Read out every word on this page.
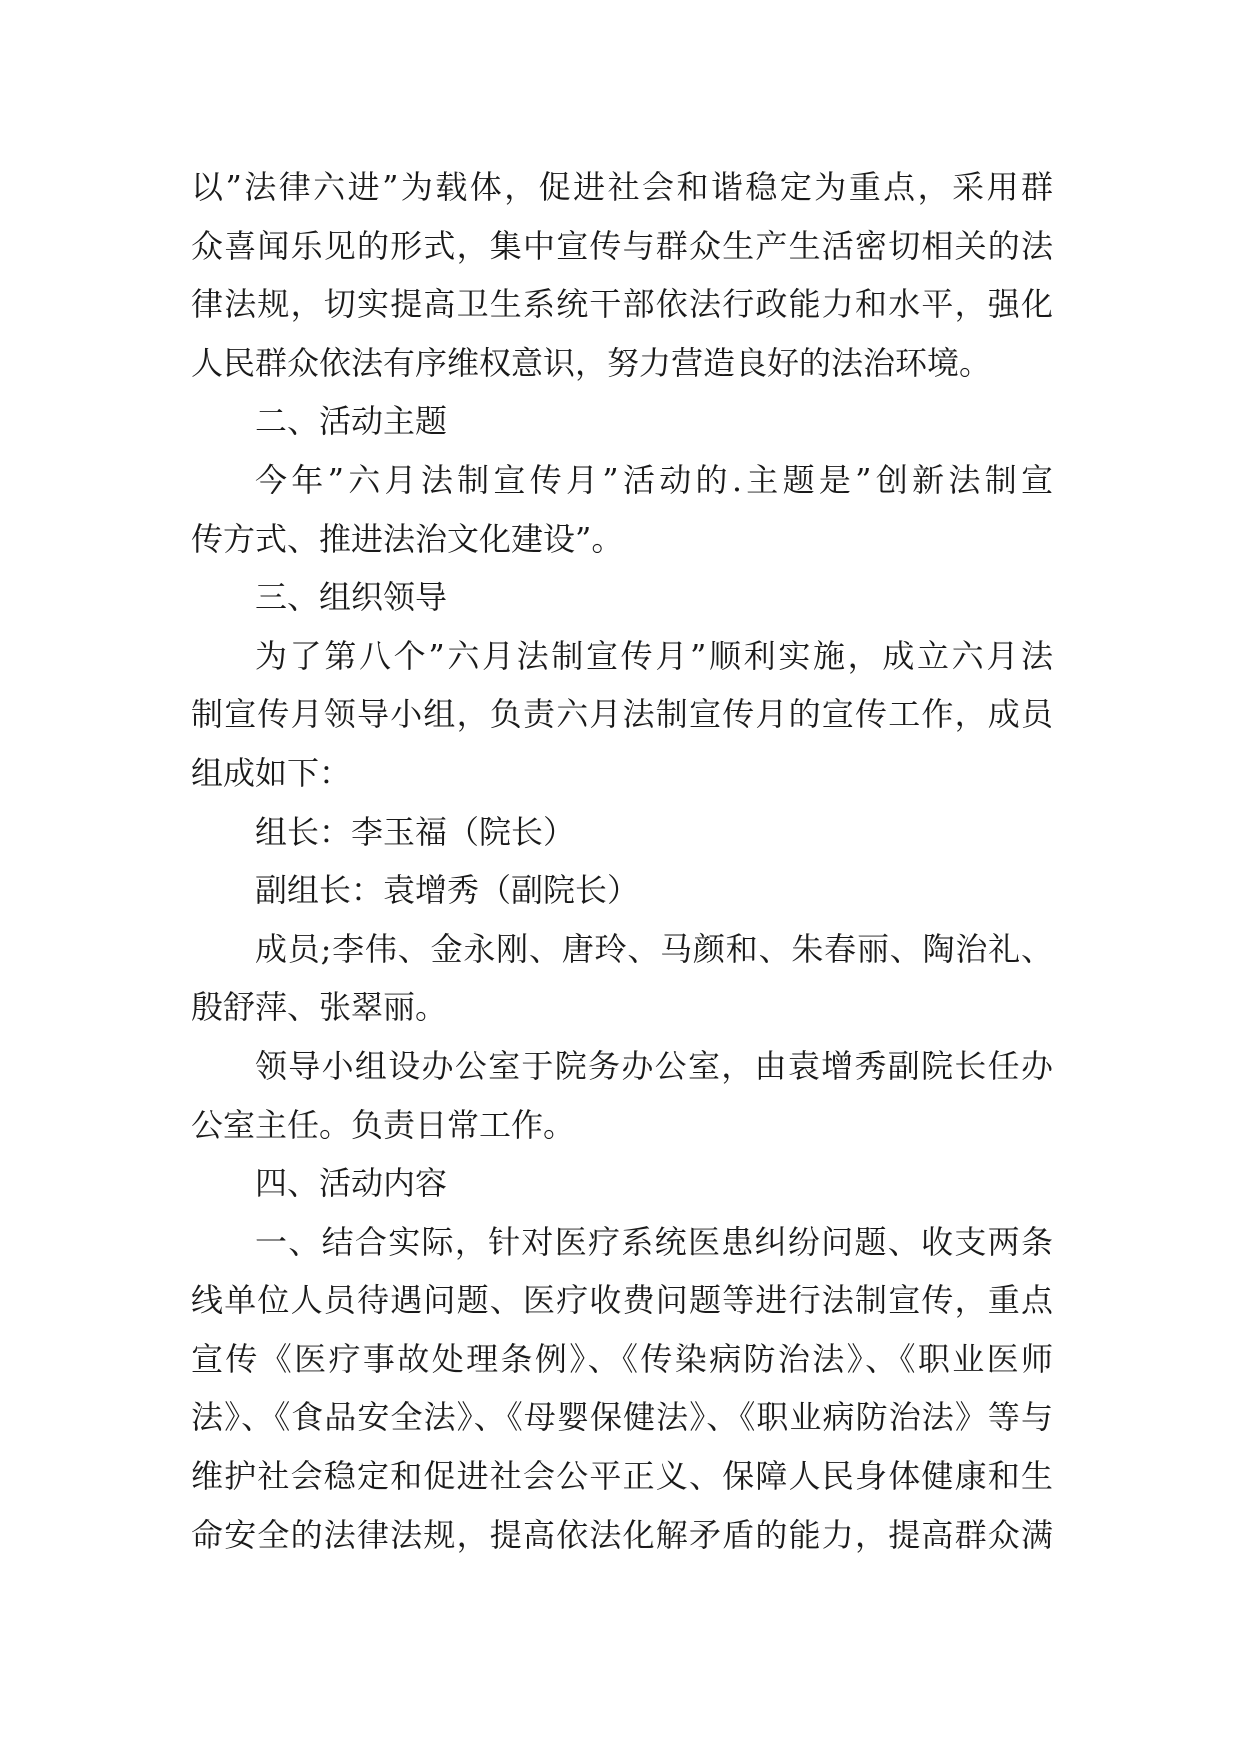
以”法律六进”为载体，促进社会和谐稳定为重点，采用群
众喜闻乐见的形式，集中宣传与群众生产生活密切相关的法
律法规，切实提高卫生系统干部依法行政能力和水平，强化
人民群众依法有序维权意识，努力营造良好的法治环境。
二、活动主题
今年”六月法制宣传月”活动的.主题是”创新法制宣
传方式、推进法治文化建设”。
三、组织领导
为了第八个”六月法制宣传月”顺利实施，成立六月法
制宣传月领导小组，负责六月法制宣传月的宣传工作，成员
组成如下：
组长：李玉福（院长）
副组长：袁增秀（副院长）
成员;李伟、金永刚、唐玲、马颜和、朱春丽、陶治礼、
殷舒萍、张翠丽。
领导小组设办公室于院务办公室，由袁增秀副院长任办
公室主任。负责日常工作。
四、活动内容
一、结合实际，针对医疗系统医患纠纷问题、收支两条
线单位人员待遇问题、医疗收费问题等进行法制宣传，重点
宣传《医疗事故处理条例》、《传染病防治法》、《职业医师
法》、《食品安全法》、《母婴保健法》、《职业病防治法》等与
维护社会稳定和促进社会公平正义、保障人民身体健康和生
命安全的法律法规，提高依法化解矛盾的能力，提高群众满
